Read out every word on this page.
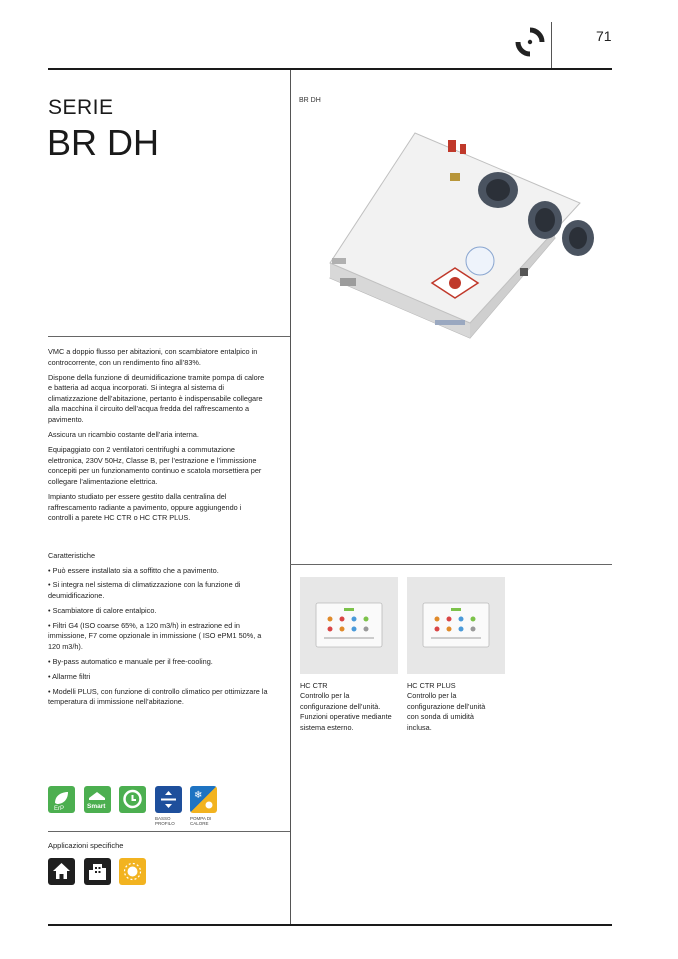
71
SERIE
BR DH
BR DH

VMC a doppio flusso per abitazioni, con scambiatore entalpico in controcorrente, con un rendimento fino all’83%.

Dispone della funzione di deumidificazione tramite pompa di calore e batteria ad acqua incorporati. Si integra al sistema di climatizzazione dell’abitazione, pertanto è indispensabile collegare alla macchina il circuito dell’acqua fredda del raffrescamento a pavimento.

Assicura un ricambio costante dell’aria interna.

Equipaggiato con 2 ventilatori centrifughi a commutazione elettronica, 230V 50Hz, Classe B, per l’estrazione e l’immissione concepiti per un funzionamento continuo e scatola morsettiera per collegare l’alimentazione elettrica.

Impianto studiato per essere gestito dalla centralina del raffrescamento radiante a pavimento, oppure aggiungendo i controlli a parete HC CTR o HC CTR PLUS.

Caratteristiche
• Può essere installato sia a soffitto che a pavimento.
• Si integra nel sistema di climatizzazione con la funzione di deumidificazione.
• Scambiatore di calore entalpico.
• Filtri G4 (ISO coarse 65%, a 120 m3/h) in estrazione ed in immissione, F7 come opzionale in immissione ( ISO ePM1 50%, a 120 m3/h).
• By-pass automatico e manuale per il free-cooling.
• Allarme filtri
• Modelli PLUS, con funzione di controllo climatico per ottimizzare la temperatura di immissione nell’abitazione.
ErP	Smart
❄
BASSO PROFILO
POMPA DI CALORE
Applicazioni specifiche
HC CTR
Controllo per la
configurazione dell’unità.
Funzioni operative mediante
sistema esterno.
HC CTR PLUS
Controllo per la
configurazione dell’unità
con sonda di umidità
inclusa.
